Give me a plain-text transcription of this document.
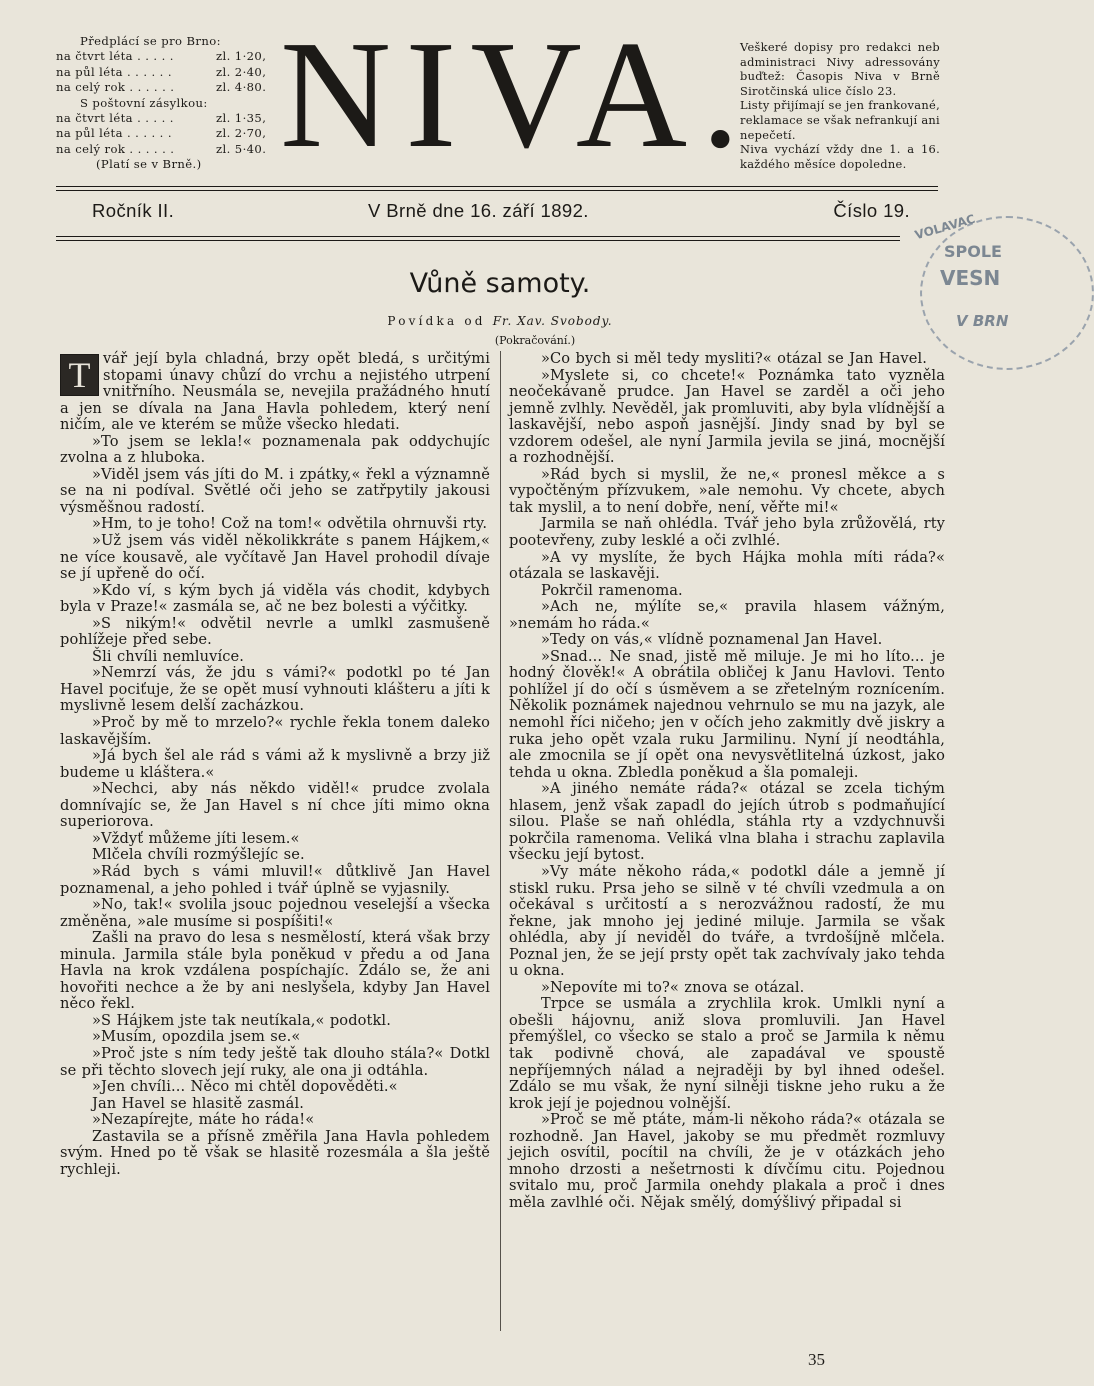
Předplácí se pro Brno:
na čtvrt léta . . . . .	zl. 1·20,
na půl léta . . . . . .	zl. 2·40,
na celý rok . . . . . .	zl. 4·80.
S poštovní zásylkou:
na čtvrt léta . . . . .	zl. 1·35,
na půl léta . . . . . .	zl. 2·70,
na celý rok . . . . . .	zl. 5·40.
(Platí se v Brně.) NIVA.

Veškeré dopisy pro redakci neb administraci Nivy adressovány buďtež: Časopis Niva v Brně Sirotčinská ulice číslo 23.

Listy přijímají se jen frankované, reklamace se však nefrankují ani nepečetí.

Niva vychází vždy dne 1. a 16. každého měsíce dopoledne.

Ročník II.	V Brně dne 16. září 1892.	Číslo 19.
VOLAVAC
SPOLE
VESN
V BRN
Vůně samoty.
Povídka od Fr. Xav. Svobody.
(Pokračování.)

T vář její byla chladná, brzy opět bledá, s určitými stopami únavy chůzí do vrchu a nejistého utrpení vnitřního. Neusmála se, nevejila pražádného hnutí a jen se dívala na Jana Havla pohledem, který není ničím, ale ve kterém se může všecko hledati.

»To jsem se lekla!« poznamenala pak oddychujíc zvolna a z hluboka.

»Viděl jsem vás jíti do M. i zpátky,« řekl a významně se na ni podíval. Světlé oči jeho se zatřpytily jakousi výsměšnou radostí.

»Hm, to je toho! Což na tom!« odvětila ohrnuvši rty.

»Už jsem vás viděl několikkráte s panem Hájkem,« ne více kousavě, ale vyčítavě Jan Havel prohodil dívaje se jí upřeně do očí.

»Kdo ví, s kým bych já viděla vás chodit, kdybych byla v Praze!« zasmála se, ač ne bez bolesti a výčitky.

»S nikým!« odvětil nevrle a umlkl zasmušeně pohlížeje před sebe.

Šli chvíli nemluvíce.

»Nemrzí vás, že jdu s vámi?« podotkl po té Jan Havel pociťuje, že se opět musí vyhnouti klášteru a jíti k myslivně lesem delší zacházkou.

»Proč by mě to mrzelo?« rychle řekla tonem daleko laskavějším.

»Já bych šel ale rád s vámi až k myslivně a brzy již budeme u kláštera.«

»Nechci, aby nás někdo viděl!« prudce zvolala domnívajíc se, že Jan Havel s ní chce jíti mimo okna superiorova.

»Vždyť můžeme jíti lesem.«

Mlčela chvíli rozmýšlejíc se.

»Rád bych s vámi mluvil!« důtklivě Jan Havel poznamenal, a jeho pohled i tvář úplně se vyjasnily.

»No, tak!« svolila jsouc pojednou veselejší a všecka změněna, »ale musíme si pospíšiti!«

Zašli na pravo do lesa s nesmělostí, která však brzy minula. Jarmila stále byla poněkud v předu a od Jana Havla na krok vzdálena pospíchajíc. Zdálo se, že ani hovořiti nechce a že by ani neslyšela, kdyby Jan Havel něco řekl.

»S Hájkem jste tak neutíkala,« podotkl.

»Musím, opozdila jsem se.«

»Proč jste s ním tedy ještě tak dlouho stála?« Dotkl se při těchto slovech její ruky, ale ona ji odtáhla.

»Jen chvíli... Něco mi chtěl dopověděti.«

Jan Havel se hlasitě zasmál.

»Nezapírejte, máte ho ráda!«

Zastavila se a přísně změřila Jana Havla pohledem svým. Hned po tě však se hlasitě rozesmála a šla ještě rychleji.

»Co bych si měl tedy mysliti?« otázal se Jan Havel.

»Myslete si, co chcete!« Poznámka tato vyzněla neočekávaně prudce. Jan Havel se zarděl a oči jeho jemně zvlhly. Nevěděl, jak promluviti, aby byla vlídnější a laskavější, nebo aspoň jasnější. Jindy snad by byl se vzdorem odešel, ale nyní Jarmila jevila se jiná, mocnější a rozhodnější.

»Rád bych si myslil, že ne,« pronesl měkce a s vypočtěným přízvukem, »ale nemohu. Vy chcete, abych tak myslil, a to není dobře, není, věřte mi!«

Jarmila se naň ohlédla. Tvář jeho byla zrůžovělá, rty pootevřeny, zuby lesklé a oči zvlhlé.

»A vy myslíte, že bych Hájka mohla míti ráda?« otázala se laskavěji.

Pokrčil ramenoma.

»Ach ne, mýlíte se,« pravila hlasem vážným, »nemám ho ráda.«

»Tedy on vás,« vlídně poznamenal Jan Havel.

»Snad... Ne snad, jistě mě miluje. Je mi ho líto... je hodný člověk!« A obrátila obličej k Janu Havlovi. Tento pohlížel jí do očí s úsměvem a se zřetelným roznícením. Několik poznámek najednou vehrnulo se mu na jazyk, ale nemohl říci ničeho; jen v očích jeho zakmitly dvě jiskry a ruka jeho opět vzala ruku Jarmilinu. Nyní jí neodtáhla, ale zmocnila se jí opět ona nevysvětlitelná úzkost, jako tehda u okna. Zbledla poněkud a šla pomaleji.

»A jiného nemáte ráda?« otázal se zcela tichým hlasem, jenž však zapadl do jejích útrob s podmaňující silou. Plaše se naň ohlédla, stáhla rty a vzdychnuvši pokrčila ramenoma. Veliká vlna blaha i strachu zaplavila všecku její bytost.

»Vy máte někoho ráda,« podotkl dále a jemně jí stiskl ruku. Prsa jeho se silně v té chvíli vzedmula a on očekával s určitostí a s nerozvážnou radostí, že mu řekne, jak mnoho jej jediné miluje. Jarmila se však ohlédla, aby jí neviděl do tváře, a tvrdošíjně mlčela. Poznal jen, že se její prsty opět tak zachvívaly jako tehda u okna.

»Nepovíte mi to?« znova se otázal.

Trpce se usmála a zrychlila krok. Umlkli nyní a obešli hájovnu, aniž slova promluvili. Jan Havel přemýšlel, co všecko se stalo a proč se Jarmila k němu tak podivně chová, ale zapadával ve spoustě nepříjemných nálad a nejraději by byl ihned odešel. Zdálo se mu však, že nyní silněji tiskne jeho ruku a že krok její je pojednou volnější.

»Proč se mě ptáte, mám-li někoho ráda?« otázala se rozhodně. Jan Havel, jakoby se mu předmět rozmluvy jejich osvítil, pocítil na chvíli, že je v otázkách jeho mnoho drzosti a nešetrnosti k dívčímu citu. Pojednou svitalo mu, proč Jarmila onehdy plakala a proč i dnes měla zavlhlé oči. Nějak smělý, domýšlivý připadal si

35
